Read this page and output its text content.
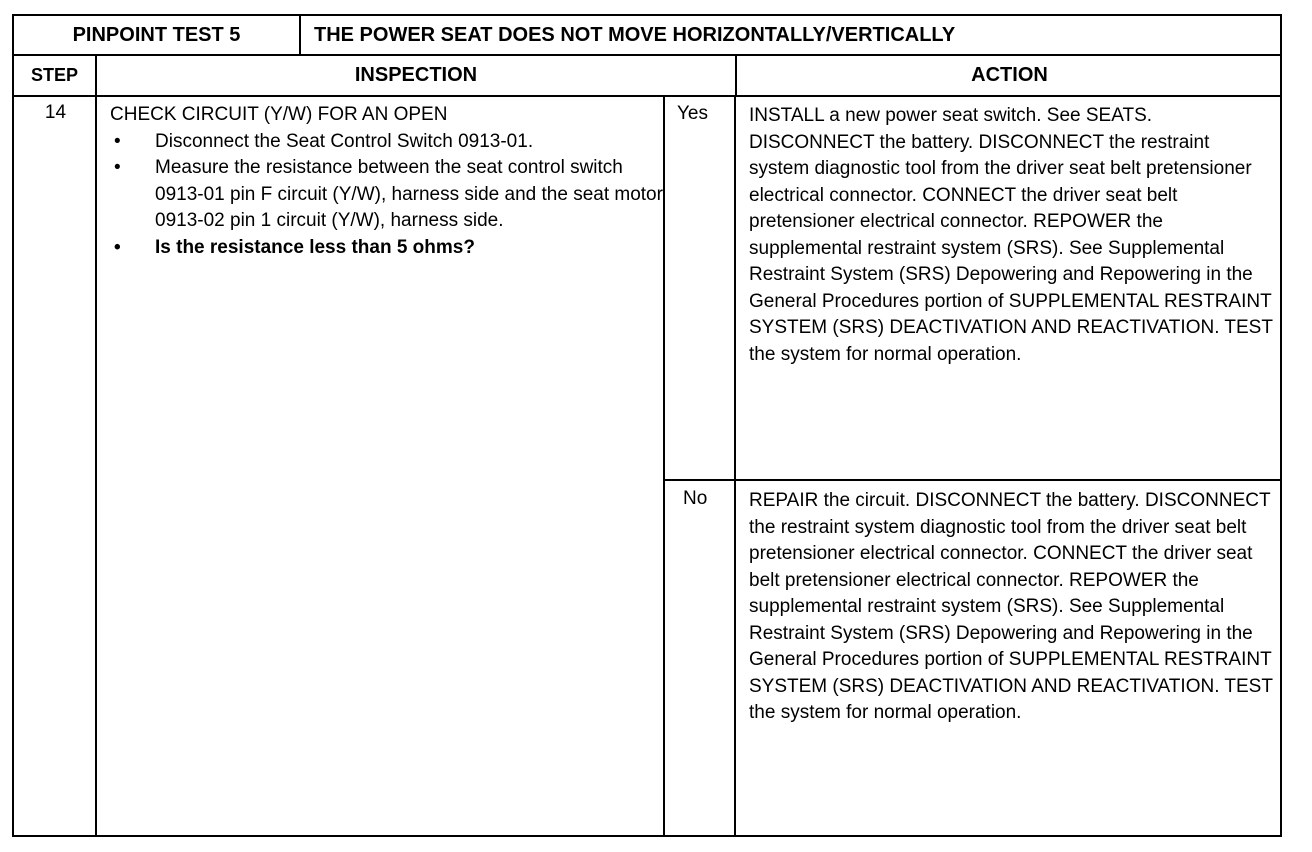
PINPOINT TEST 5	THE POWER SEAT DOES NOT MOVE HORIZONTALLY/VERTICALLY
STEP	INSPECTION	ACTION
14	CHECK CIRCUIT (Y/W) FOR AN OPEN

• Disconnect the Seat Control Switch 0913-01.
• Measure the resistance between the seat control switch 0913-01 pin F circuit (Y/W), harness side and the seat motor 0913-02 pin 1 circuit (Y/W), harness side.
• Is the resistance less than 5 ohms?
Yes INSTALL a new power seat switch. See SEATS. DISCONNECT the battery. DISCONNECT the restraint system diagnostic tool from the driver seat belt pretensioner electrical connector. CONNECT the driver seat belt pretensioner electrical connector. REPOWER the supplemental restraint system (SRS). See Supplemental Restraint System (SRS) Depowering and Repowering in the General Procedures portion of SUPPLEMENTAL RESTRAINT SYSTEM (SRS) DEACTIVATION AND REACTIVATION. TEST the system for normal operation.
No REPAIR the circuit. DISCONNECT the battery. DISCONNECT the restraint system diagnostic tool from the driver seat belt pretensioner electrical connector. CONNECT the driver seat belt pretensioner electrical connector. REPOWER the supplemental restraint system (SRS). See Supplemental Restraint System (SRS) Depowering and Repowering in the General Procedures portion of SUPPLEMENTAL RESTRAINT SYSTEM (SRS) DEACTIVATION AND REACTIVATION. TEST the system for normal operation.
